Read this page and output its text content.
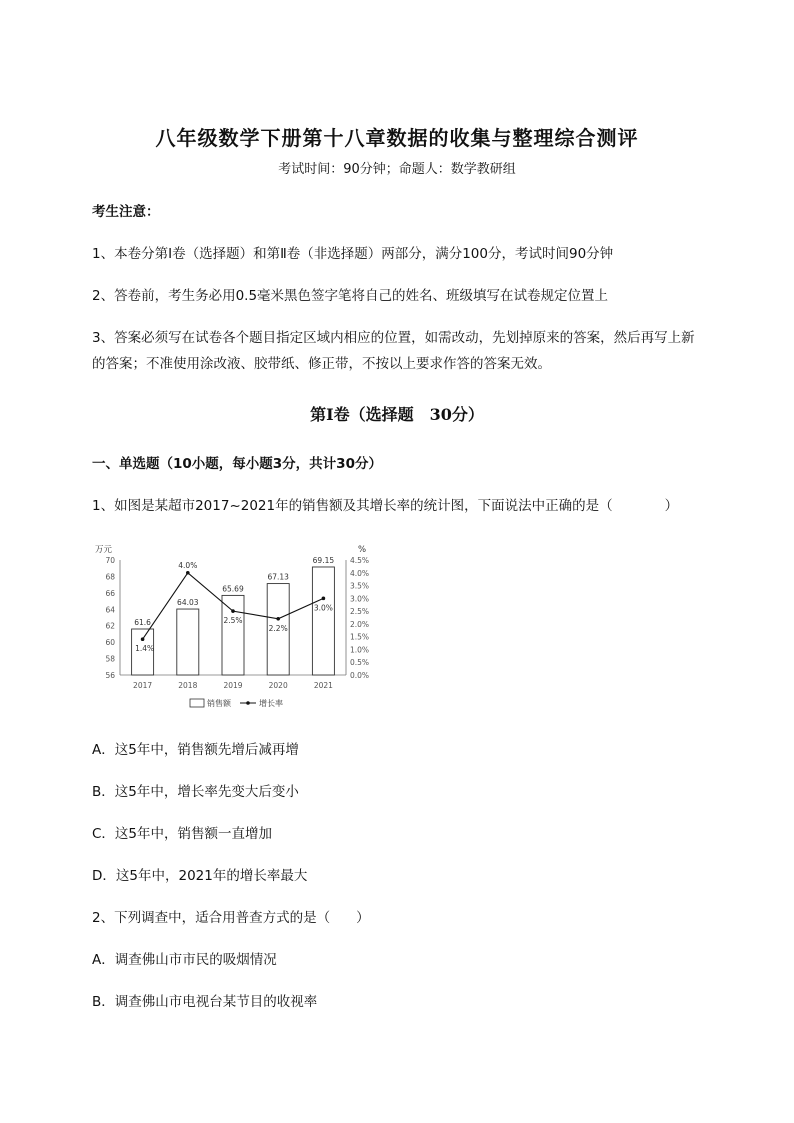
八年级数学下册第十八章数据的收集与整理综合测评
考试时间：90分钟；命题人：数学教研组
考生注意：
1、本卷分第Ⅰ卷（选择题）和第Ⅱ卷（非选择题）两部分，满分100分，考试时间90分钟
2、答卷前，考生务必用0.5毫米黑色签字笔将自己的姓名、班级填写在试卷规定位置上
3、答案必须写在试卷各个题目指定区域内相应的位置，如需改动，先划掉原来的答案，然后再写上新
的答案；不准使用涂改液、胶带纸、修正带，不按以上要求作答的答案无效。
第Ⅰ卷（选择题　30分）
一、单选题（10小题，每小题3分，共计30分）
1、如图是某超市2017~2021年的销售额及其增长率的统计图，下面说法中正确的是（	）
万元	%
56
58
60
62
64
66
68
70
0.0%
0.5%
1.0%
1.5%
2.0%
2.5%
3.0%
3.5%
4.0%
4.5%
61.6
64.03
65.69
67.13
69.15
2017	2018	2019	2020	2021
1.4%
4.0%
2.5%
2.2%
3.0%
销售额	增长率
A．这5年中，销售额先增后减再增
B．这5年中，增长率先变大后变小
C．这5年中，销售额一直增加
D．这5年中，2021年的增长率最大
2、下列调查中，适合用普查方式的是（ ）
A．调查佛山市市民的吸烟情况
B．调查佛山市电视台某节目的收视率
